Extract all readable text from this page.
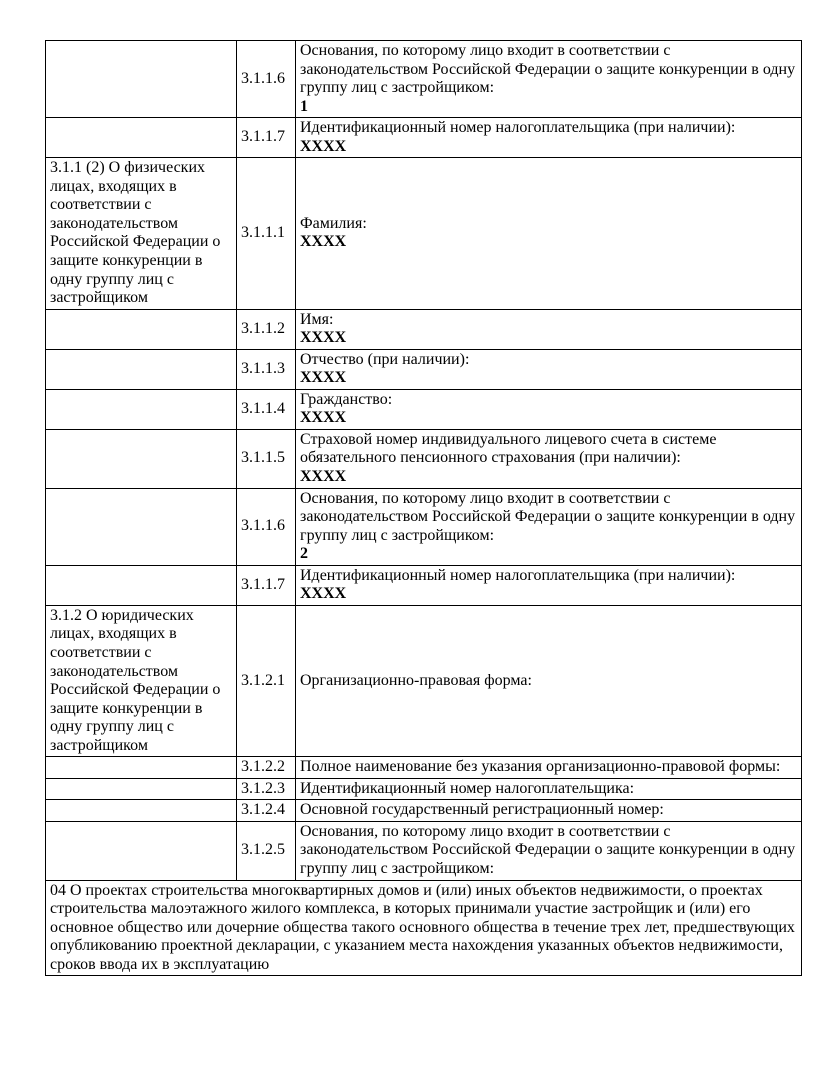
	3.1.1.6	Основания, по которому лицо входит в соответствии с законодательством Российской Федерации о защите конкуренции в одну группу лиц с застройщиком:
1

	3.1.1.7	Идентификационный номер налогоплательщика (при наличии):
ХХХХ

3.1.1 (2) О физических лицах, входящих в соответствии с законодательством Российской Федерации о защите конкуренции в одну группу лиц с застройщиком	3.1.1.1	Фамилия:
ХХХХ

	3.1.1.2	Имя:
ХХХХ

	3.1.1.3	Отчество (при наличии):
ХХХХ

	3.1.1.4	Гражданство:
ХХХХ

	3.1.1.5	Страховой номер индивидуального лицевого счета в системе обязательного пенсионного страхования (при наличии):
ХХХХ

	3.1.1.6	Основания, по которому лицо входит в соответствии с законодательством Российской Федерации о защите конкуренции в одну группу лиц с застройщиком:
2

	3.1.1.7	Идентификационный номер налогоплательщика (при наличии):
ХХХХ

3.1.2 О юридических лицах, входящих в соответствии с законодательством Российской Федерации о защите конкуренции в одну группу лиц с застройщиком	3.1.2.1	Организационно-правовая форма:

	3.1.2.2	Полное наименование без указания организационно-правовой формы:

	3.1.2.3	Идентификационный номер налогоплательщика:

	3.1.2.4	Основной государственный регистрационный номер:

	3.1.2.5	Основания, по которому лицо входит в соответствии с законодательством Российской Федерации о защите конкуренции в одну группу лиц с застройщиком:

04 О проектах строительства многоквартирных домов и (или) иных объектов недвижимости, о проектах строительства малоэтажного жилого комплекса, в которых принимали участие застройщик и (или) его основное общество или дочерние общества такого основного общества в течение трех лет, предшествующих опубликованию проектной декларации, с указанием места нахождения указанных объектов недвижимости, сроков ввода их в эксплуатацию		
